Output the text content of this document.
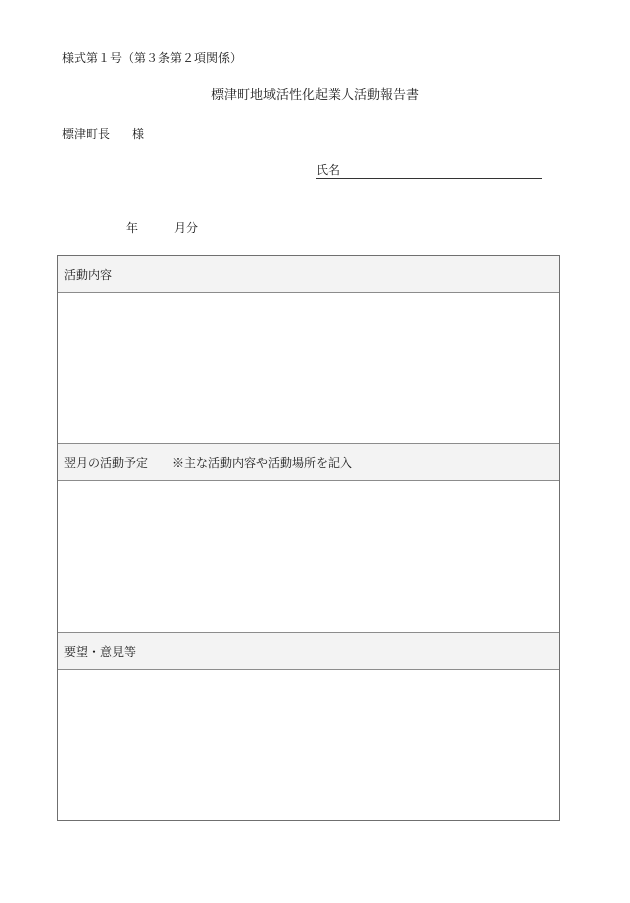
様式第１号（第３条第２項関係）
標津町地域活性化起業人活動報告書
標津町長 様
氏名
年	月分
活動内容
翌月の活動予定 ※主な活動内容や活動場所を記入
要望・意見等
